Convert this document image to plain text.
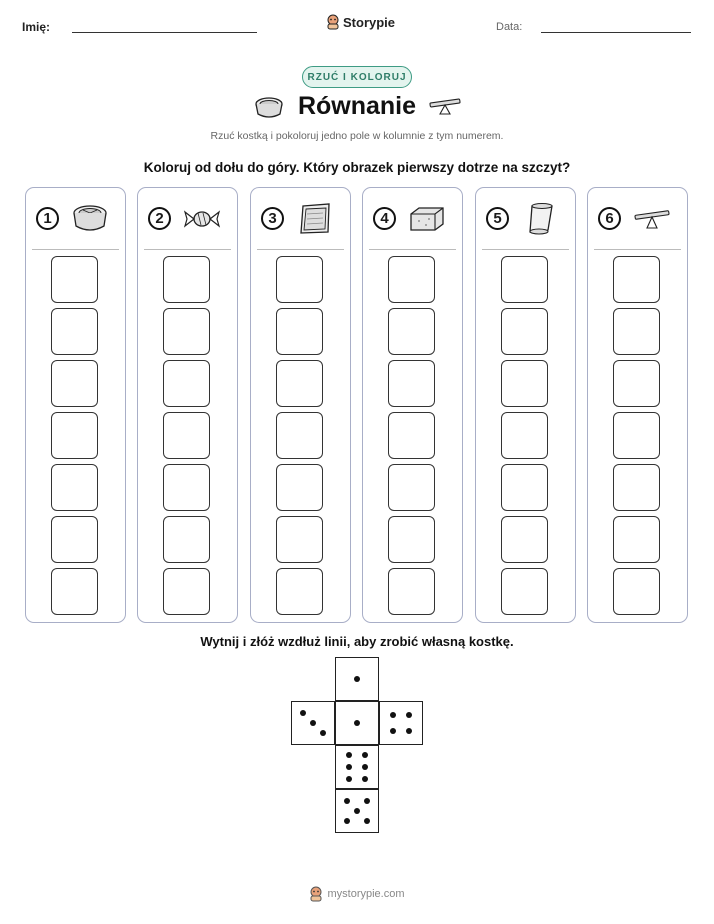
Imię:	Storypie	Data:
RZUĆ I KOLORUJ
Równanie
Rzuć kostką i pokoloruj jedno pole w kolumnie z tym numerem.
Koloruj od dołu do góry. Który obrazek pierwszy dotrze na szczyt?
1	2	3	4	5	6
Wytnij i złóż wzdłuż linii, aby zrobić własną kostkę.
mystorypie.com
